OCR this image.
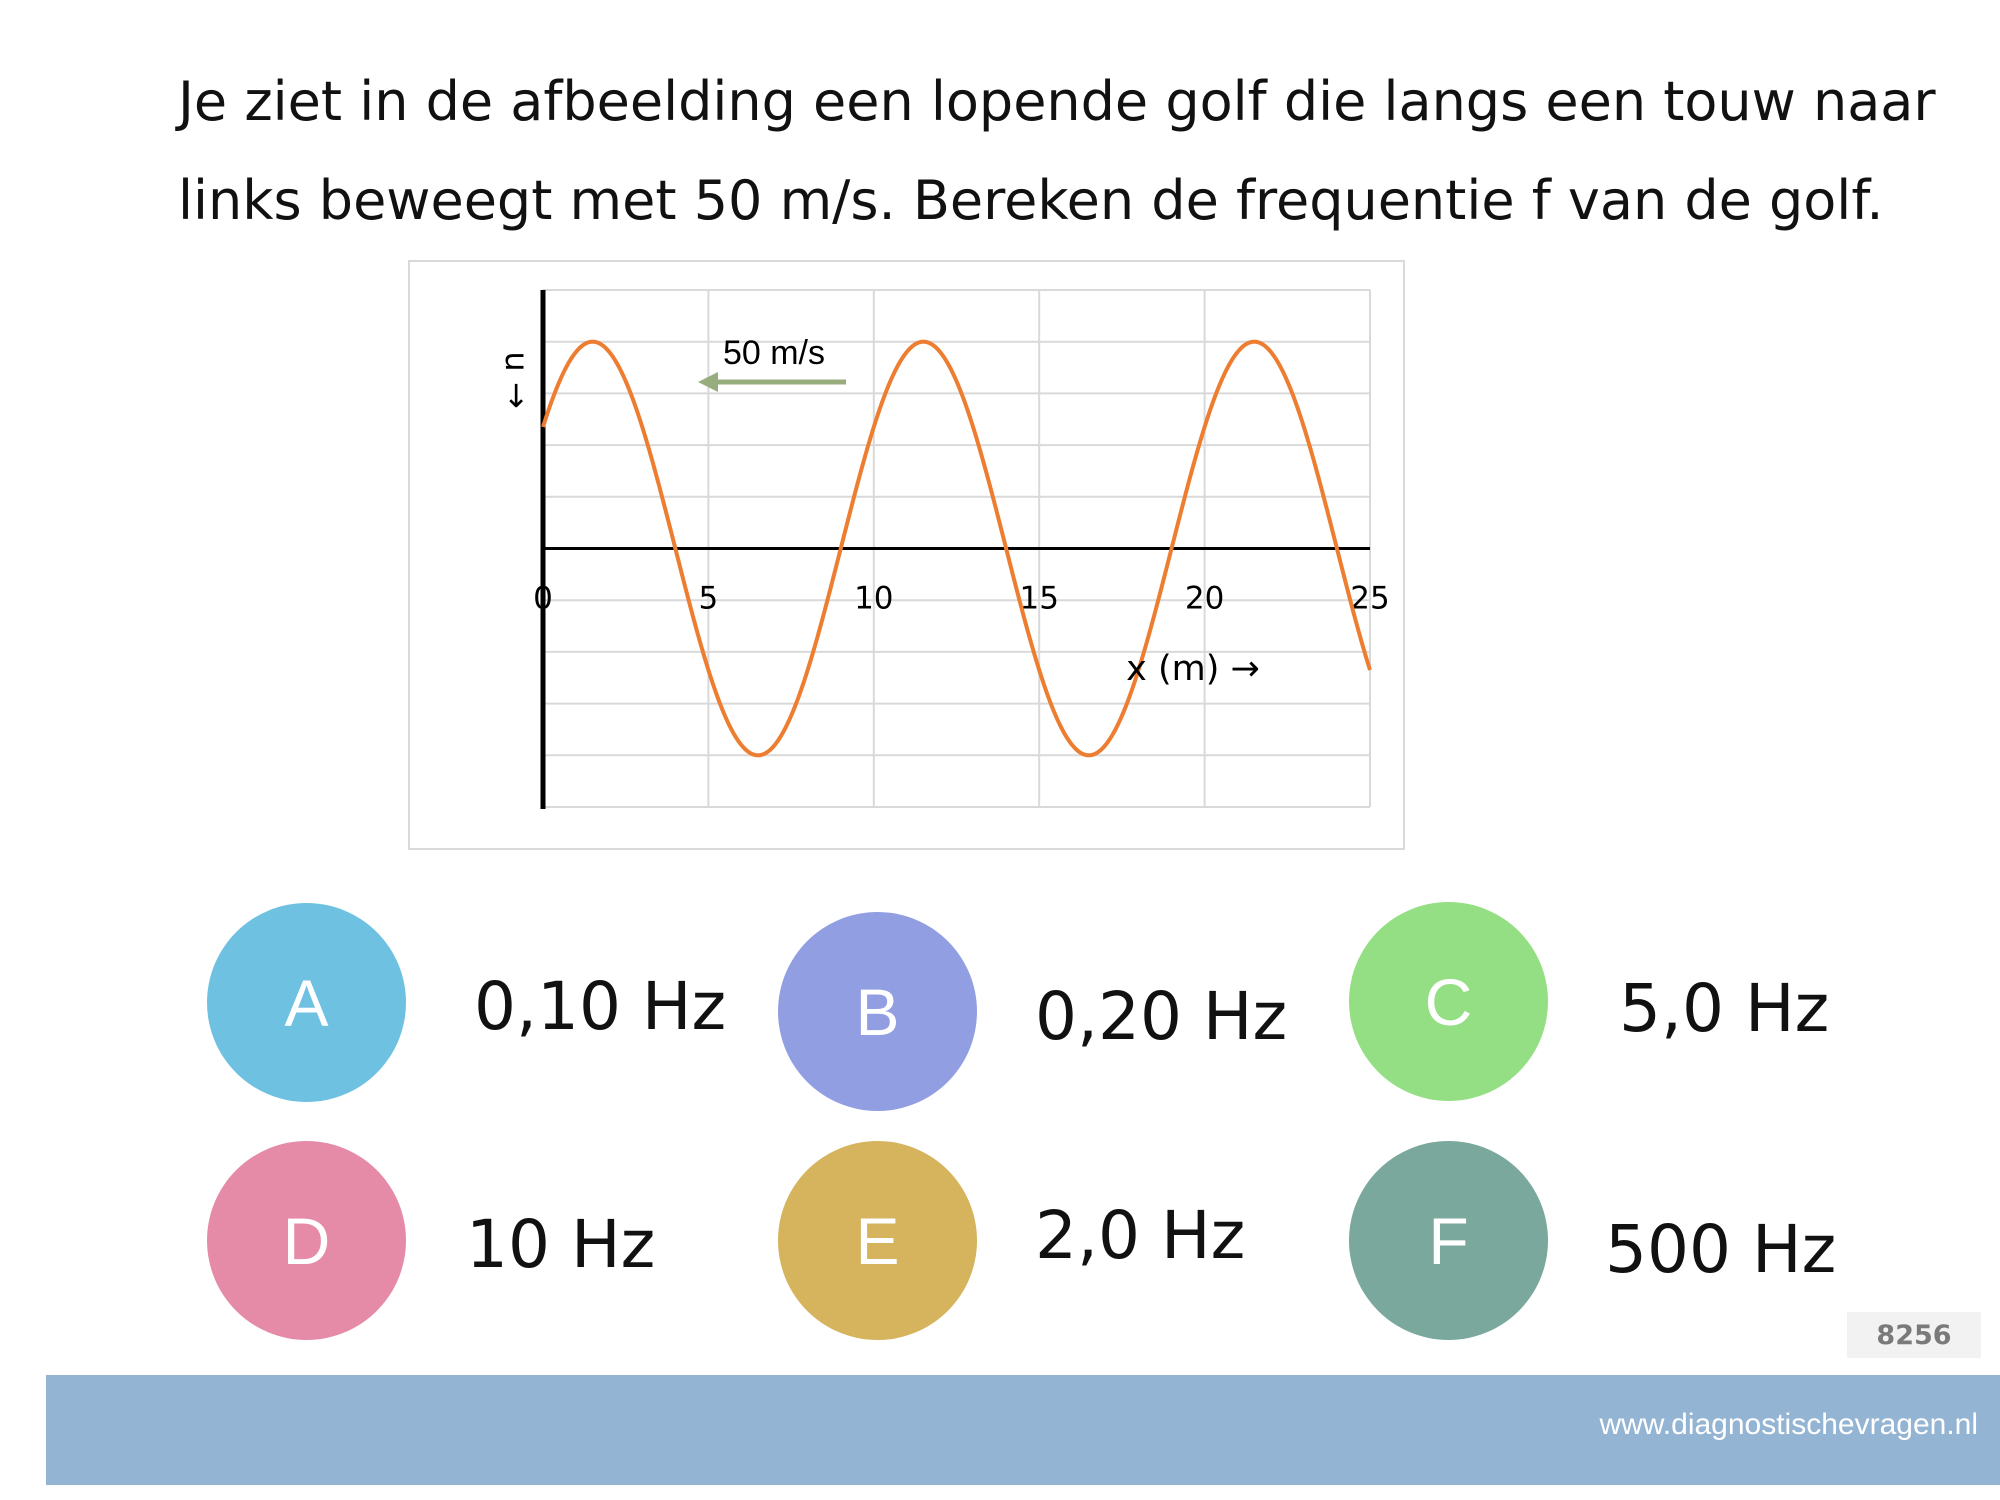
Je ziet in de afbeelding een lopende golf die langs een touw naar links beweegt met 50 m/s. Bereken de frequentie f van de golf.

0	5	10	15	20	25
u →
x (m) →
50 m/s
A 0,10 Hz B 0,20 Hz C 5,0 Hz
D 10 Hz	E 2,0 Hz	F 500 Hz
8256
www.diagnostischevragen.nl
